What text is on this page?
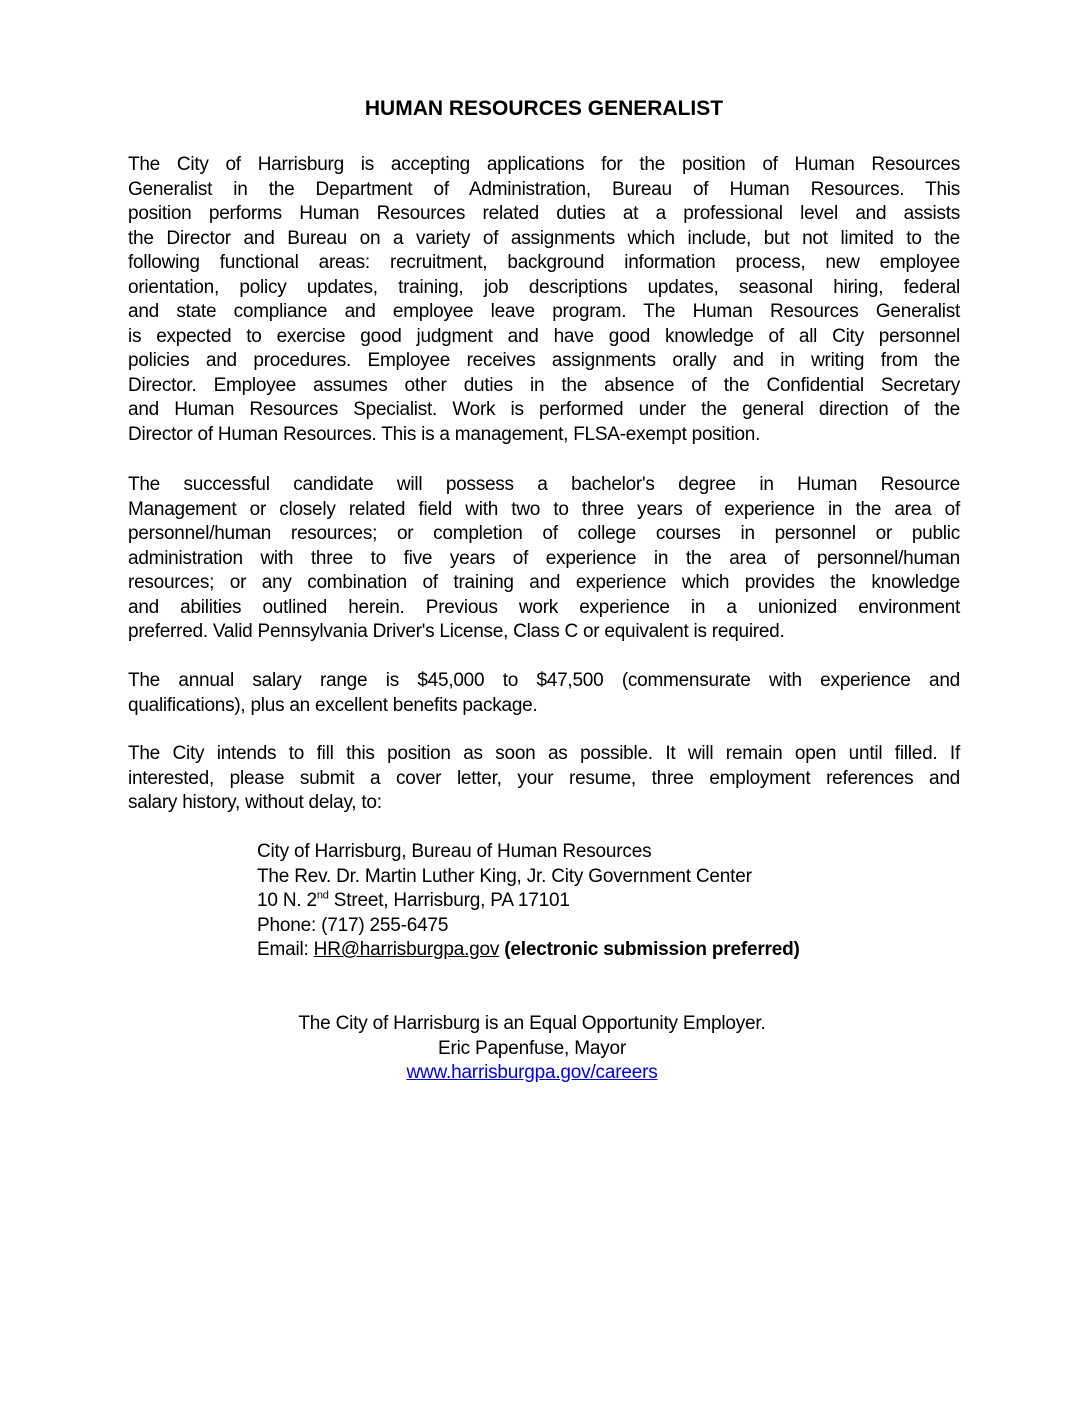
HUMAN RESOURCES GENERALIST
The City of Harrisburg is accepting applications for the position of Human Resources
Generalist in the Department of Administration, Bureau of Human Resources. This
position performs Human Resources related duties at a professional level and assists
the Director and Bureau on a variety of assignments which include, but not limited to the
following functional areas: recruitment, background information process, new employee
orientation, policy updates, training, job descriptions updates, seasonal hiring, federal
and state compliance and employee leave program. The Human Resources Generalist
is expected to exercise good judgment and have good knowledge of all City personnel
policies and procedures. Employee receives assignments orally and in writing from the
Director. Employee assumes other duties in the absence of the Confidential Secretary
and Human Resources Specialist. Work is performed under the general direction of the
Director of Human Resources. This is a management, FLSA-exempt position.
The successful candidate will possess a bachelor's degree in Human Resource
Management or closely related field with two to three years of experience in the area of
personnel/human resources; or completion of college courses in personnel or public
administration with three to five years of experience in the area of personnel/human
resources; or any combination of training and experience which provides the knowledge
and abilities outlined herein. Previous work experience in a unionized environment
preferred. Valid Pennsylvania Driver's License, Class C or equivalent is required.
The annual salary range is $45,000 to $47,500 (commensurate with experience and
qualifications), plus an excellent benefits package.
The City intends to fill this position as soon as possible. It will remain open until filled. If
interested, please submit a cover letter, your resume, three employment references and
salary history, without delay, to:
City of Harrisburg, Bureau of Human Resources
The Rev. Dr. Martin Luther King, Jr. City Government Center
10 N. 2nd Street, Harrisburg, PA 17101
Phone: (717) 255-6475
Email: HR@harrisburgpa.gov (electronic submission preferred)
The City of Harrisburg is an Equal Opportunity Employer.
Eric Papenfuse, Mayor
www.harrisburgpa.gov/careers
